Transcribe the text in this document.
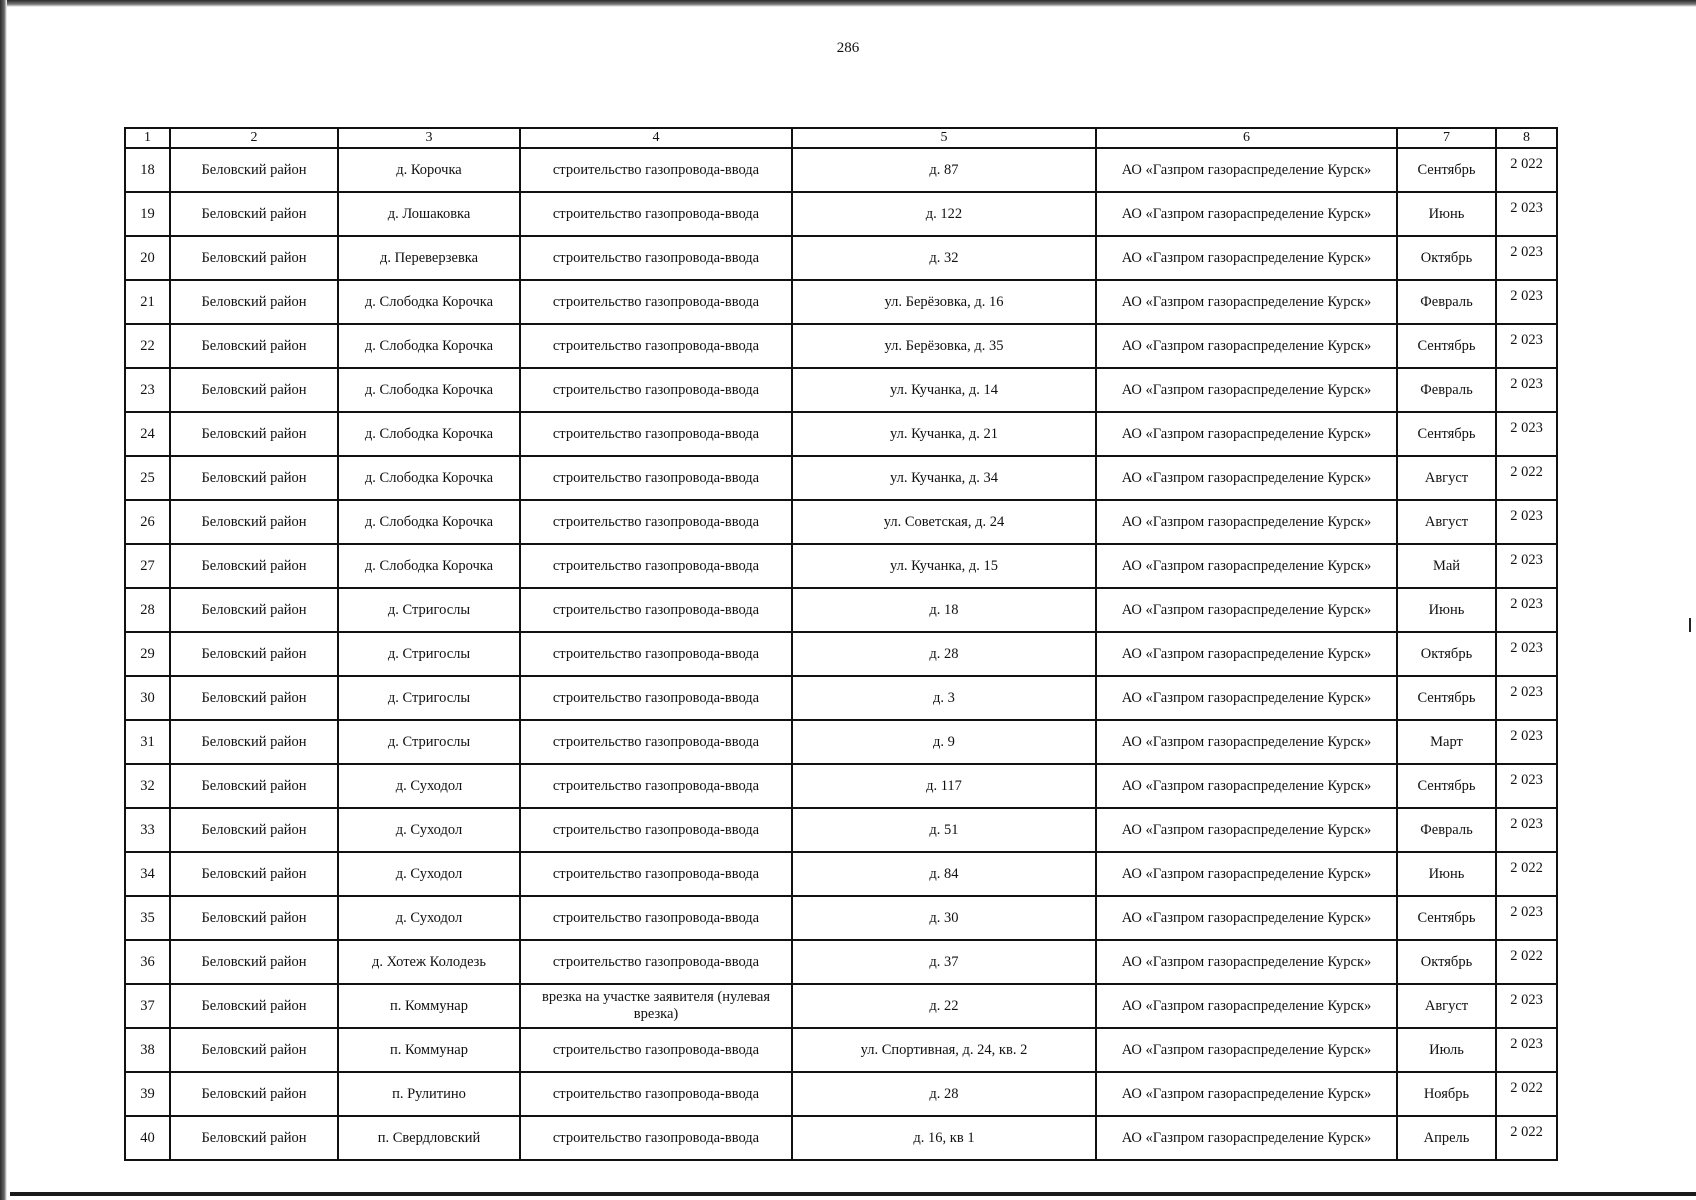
286
1	2	3	4	5	6	7	8
18	Беловский район	д. Корочка	строительство газопровода-ввода	д. 87	АО «Газпром газораспределение Курск»	Сентябрь	2 022
19	Беловский район	д. Лошаковка	строительство газопровода-ввода	д. 122	АО «Газпром газораспределение Курск»	Июнь	2 023
20	Беловский район	д. Переверзевка	строительство газопровода-ввода	д. 32	АО «Газпром газораспределение Курск»	Октябрь	2 023
21	Беловский район	д. Слободка Корочка	строительство газопровода-ввода	ул. Берёзовка, д. 16	АО «Газпром газораспределение Курск»	Февраль	2 023
22	Беловский район	д. Слободка Корочка	строительство газопровода-ввода	ул. Берёзовка, д. 35	АО «Газпром газораспределение Курск»	Сентябрь	2 023
23	Беловский район	д. Слободка Корочка	строительство газопровода-ввода	ул. Кучанка, д. 14	АО «Газпром газораспределение Курск»	Февраль	2 023
24	Беловский район	д. Слободка Корочка	строительство газопровода-ввода	ул. Кучанка, д. 21	АО «Газпром газораспределение Курск»	Сентябрь	2 023
25	Беловский район	д. Слободка Корочка	строительство газопровода-ввода	ул. Кучанка, д. 34	АО «Газпром газораспределение Курск»	Август	2 022
26	Беловский район	д. Слободка Корочка	строительство газопровода-ввода	ул. Советская, д. 24	АО «Газпром газораспределение Курск»	Август	2 023
27	Беловский район	д. Слободка Корочка	строительство газопровода-ввода	ул. Кучанка, д. 15	АО «Газпром газораспределение Курск»	Май	2 023
28	Беловский район	д. Стригослы	строительство газопровода-ввода	д. 18	АО «Газпром газораспределение Курск»	Июнь	2 023
29	Беловский район	д. Стригослы	строительство газопровода-ввода	д. 28	АО «Газпром газораспределение Курск»	Октябрь	2 023
30	Беловский район	д. Стригослы	строительство газопровода-ввода	д. 3	АО «Газпром газораспределение Курск»	Сентябрь	2 023
31	Беловский район	д. Стригослы	строительство газопровода-ввода	д. 9	АО «Газпром газораспределение Курск»	Март	2 023
32	Беловский район	д. Суходол	строительство газопровода-ввода	д. 117	АО «Газпром газораспределение Курск»	Сентябрь	2 023
33	Беловский район	д. Суходол	строительство газопровода-ввода	д. 51	АО «Газпром газораспределение Курск»	Февраль	2 023
34	Беловский район	д. Суходол	строительство газопровода-ввода	д. 84	АО «Газпром газораспределение Курск»	Июнь	2 022
35	Беловский район	д. Суходол	строительство газопровода-ввода	д. 30	АО «Газпром газораспределение Курск»	Сентябрь	2 023
36	Беловский район	д. Хотеж Колодезь	строительство газопровода-ввода	д. 37	АО «Газпром газораспределение Курск»	Октябрь	2 022
37	Беловский район	п. Коммунар	врезка на участке заявителя (нулевая врезка)	д. 22	АО «Газпром газораспределение Курск»	Август	2 023
38	Беловский район	п. Коммунар	строительство газопровода-ввода	ул. Спортивная, д. 24, кв. 2	АО «Газпром газораспределение Курск»	Июль	2 023
39	Беловский район	п. Рулитино	строительство газопровода-ввода	д. 28	АО «Газпром газораспределение Курск»	Ноябрь	2 022
40	Беловский район	п. Свердловский	строительство газопровода-ввода	д. 16, кв 1	АО «Газпром газораспределение Курск»	Апрель	2 022
